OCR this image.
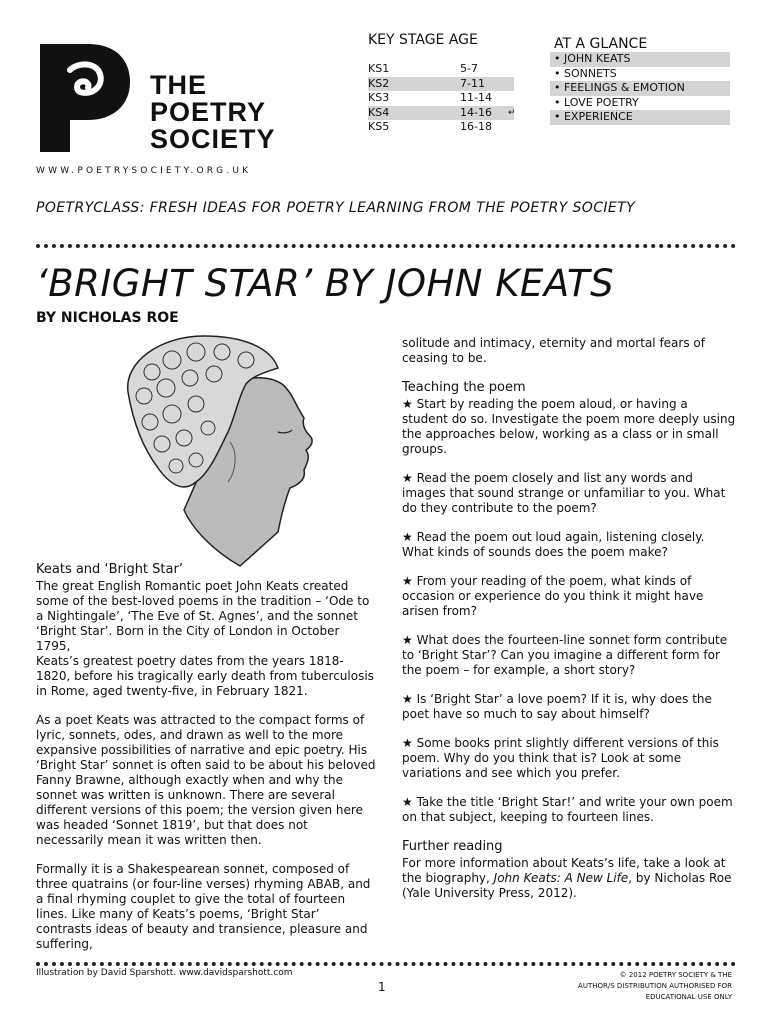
THE
POETRY
SOCIETY
WWW.POETRYSOCIETY.ORG.UK
KEY STAGE AGE
KS1	5-7
KS2	7-11
KS3	11-14
KS4	14-16 ↵
KS5	16-18
AT A GLANCE
• JOHN KEATS
• SONNETS
• FEELINGS & EMOTION
• LOVE POETRY
• EXPERIENCE
POETRYCLASS: FRESH IDEAS FOR POETRY LEARNING FROM THE POETRY SOCIETY
‘BRIGHT STAR’ BY JOHN KEATS
BY NICHOLAS ROE
Keats and ‘Bright Star’

The great English Romantic poet John Keats created some of the best-loved poems in the tradition – ‘Ode to a Nightingale’, ‘The Eve of St. Agnes’, and the sonnet ‘Bright Star’. Born in the City of London in October 1795,

Keats’s greatest poetry dates from the years 1818-1820, before his tragically early death from tuberculosis in Rome, aged twenty-five, in February 1821.

As a poet Keats was attracted to the compact forms of lyric, sonnets, odes, and drawn as well to the more expansive possibilities of narrative and epic poetry. His ‘Bright Star’ sonnet is often said to be about his beloved Fanny Brawne, although exactly when and why the sonnet was written is unknown. There are several different versions of this poem; the version given here was headed ‘Sonnet 1819’, but that does not necessarily mean it was written then.

Formally it is a Shakespearean sonnet, composed of three quatrains (or four-line verses) rhyming ABAB, and a final rhyming couplet to give the total of fourteen lines. Like many of Keats’s poems, ‘Bright Star’ contrasts ideas of beauty and transience, pleasure and suffering,

solitude and intimacy, eternity and mortal fears of ceasing to be.

Teaching the poem

★ Start by reading the poem aloud, or having a student do so. Investigate the poem more deeply using the approaches below, working as a class or in small groups.

★ Read the poem closely and list any words and images that sound strange or unfamiliar to you. What do they contribute to the poem?

★ Read the poem out loud again, listening closely. What kinds of sounds does the poem make?

★ From your reading of the poem, what kinds of occasion or experience do you think it might have arisen from?

★ What does the fourteen-line sonnet form contribute to ‘Bright Star’? Can you imagine a different form for the poem – for example, a short story?

★ Is ‘Bright Star’ a love poem? If it is, why does the poet have so much to say about himself?

★ Some books print slightly different versions of this poem. Why do you think that is? Look at some variations and see which you prefer.

★ Take the title ‘Bright Star!’ and write your own poem on that subject, keeping to fourteen lines.

Further reading

For more information about Keats’s life, take a look at the biography, John Keats: A New Life, by Nicholas Roe (Yale University Press, 2012).

Illustration by David Sparshott. www.davidsparshott.com
1
© 2012 POETRY SOCIETY & THE
AUTHOR/S DISTRIBUTION AUTHORISED FOR
EDUCATIONAL USE ONLY
